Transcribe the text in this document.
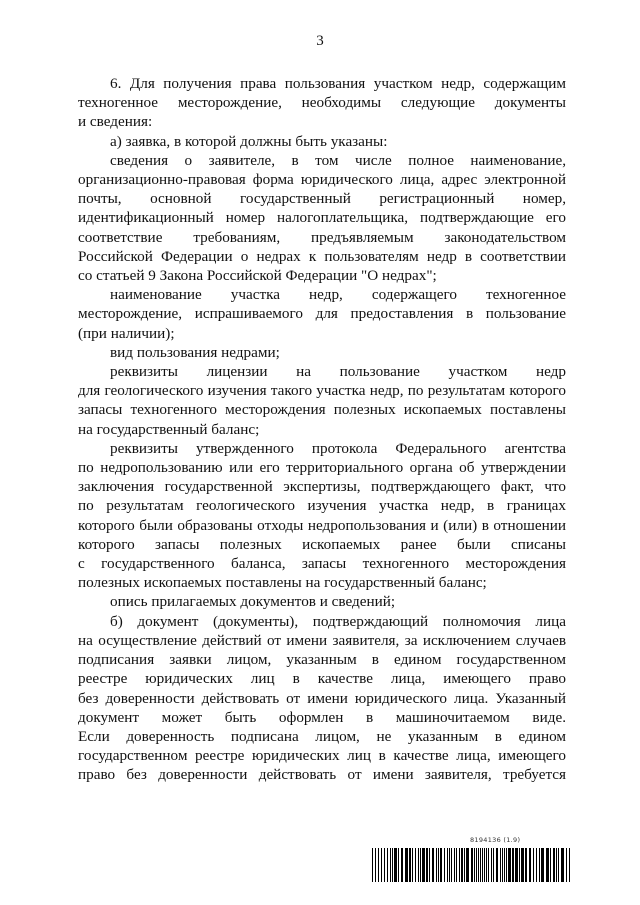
3

6. Для получения права пользования участком недр, содержащим
техногенное месторождение, необходимы следующие документы
и сведения:

а) заявка, в которой должны быть указаны:

сведения о заявителе, в том числе полное наименование,
организационно-правовая форма юридического лица, адрес электронной
почты, основной государственный регистрационный номер,
идентификационный номер налогоплательщика, подтверждающие его
соответствие требованиям, предъявляемым законодательством
Российской Федерации о недрах к пользователям недр в соответствии
со статьей 9 Закона Российской Федерации "О недрах";

наименование участка недр, содержащего техногенное
месторождение, испрашиваемого для предоставления в пользование
(при наличии);

вид пользования недрами;

реквизиты лицензии на пользование участком недр
для геологического изучения такого участка недр, по результатам которого
запасы техногенного месторождения полезных ископаемых поставлены
на государственный баланс;

реквизиты утвержденного протокола Федерального агентства
по недропользованию или его территориального органа об утверждении
заключения государственной экспертизы, подтверждающего факт, что
по результатам геологического изучения участка недр, в границах
которого были образованы отходы недропользования и (или) в отношении
которого запасы полезных ископаемых ранее были списаны
с государственного баланса, запасы техногенного месторождения
полезных ископаемых поставлены на государственный баланс;

опись прилагаемых документов и сведений;

б) документ (документы), подтверждающий полномочия лица
на осуществление действий от имени заявителя, за исключением случаев
подписания заявки лицом, указанным в едином государственном
реестре юридических лиц в качестве лица, имеющего право
без доверенности действовать от имени юридического лица. Указанный
документ может быть оформлен в машиночитаемом виде.
Если доверенность подписана лицом, не указанным в едином
государственном реестре юридических лиц в качестве лица, имеющего
право без доверенности действовать от имени заявителя, требуется

8194136 (1.9)
